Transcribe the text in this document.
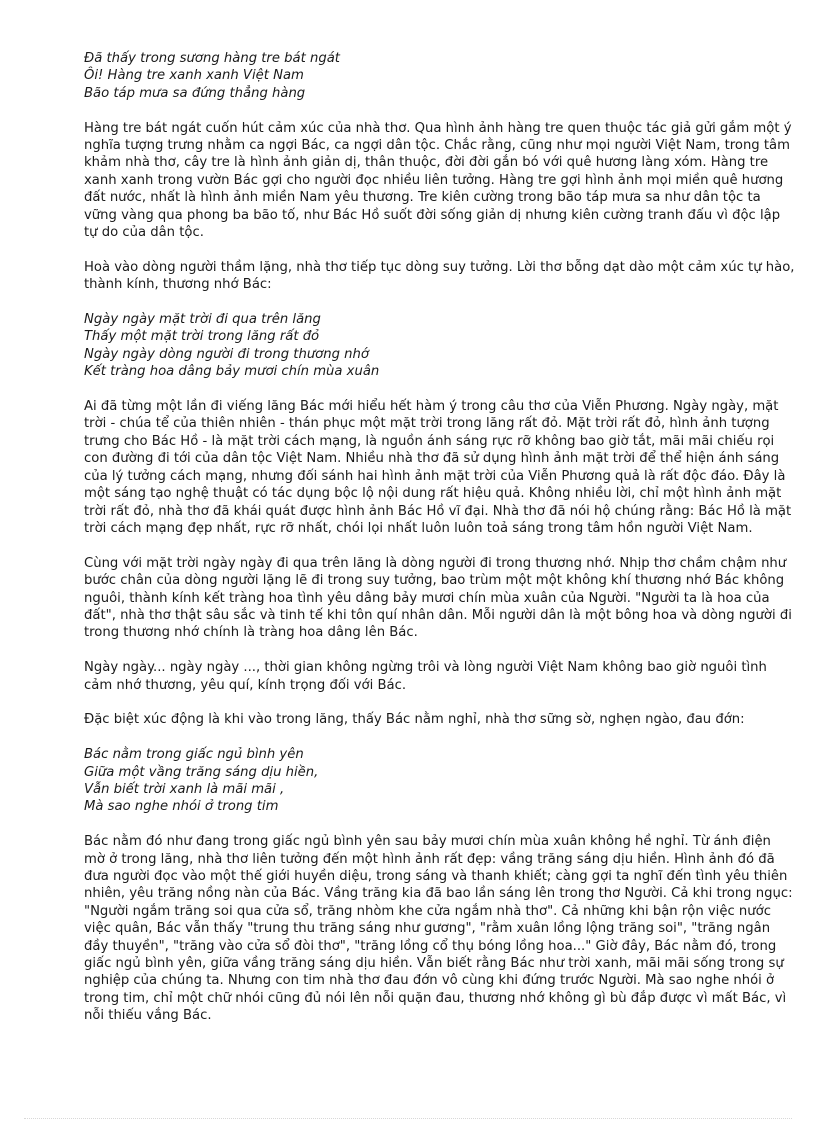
Đã thấy trong sương hàng tre bát ngát
Ôi! Hàng tre xanh xanh Việt Nam
Bão táp mưa sa đứng thẳng hàng

Hàng tre bát ngát cuốn hút cảm xúc của nhà thơ. Qua hình ảnh hàng tre quen thuộc tác giả gửi gắm một ý nghĩa tượng trưng nhằm ca ngợi Bác, ca ngợi dân tộc. Chắc rằng, cũng như mọi người Việt Nam, trong tâm khảm nhà thơ, cây tre là hình ảnh giản dị, thân thuộc, đời đời gắn bó với quê hương làng xóm. Hàng tre xanh xanh trong vườn Bác gợi cho người đọc nhiều liên tưởng. Hàng tre gợi hình ảnh mọi miền quê hương đất nước, nhất là hình ảnh miền Nam yêu thương. Tre kiên cường trong bão táp mưa sa như dân tộc ta vững vàng qua phong ba bão tố, như Bác Hồ suốt đời sống giản dị nhưng kiên cường tranh đấu vì độc lập tự do của dân tộc.

Hoà vào dòng người thầm lặng, nhà thơ tiếp tục dòng suy tưởng. Lời thơ bỗng dạt dào một cảm xúc tự hào, thành kính, thương nhớ Bác:

Ngày ngày mặt trời đi qua trên lăng
Thấy một mặt trời trong lăng rất đỏ
Ngày ngày dòng người đi trong thương nhớ
Kết tràng hoa dâng bảy mươi chín mùa xuân

Ai đã từng một lần đi viếng lăng Bác mới hiểu hết hàm ý trong câu thơ của Viễn Phương. Ngày ngày, mặt trời - chúa tể của thiên nhiên - thán phục một mặt trời trong lăng rất đỏ. Mặt trời rất đỏ, hình ảnh tượng trưng cho Bác Hồ - là mặt trời cách mạng, là nguồn ánh sáng rực rỡ không bao giờ tắt, mãi mãi chiếu rọi con đường đi tới của dân tộc Việt Nam. Nhiều nhà thơ đã sử dụng hình ảnh mặt trời để thể hiện ánh sáng của lý tưởng cách mạng, nhưng đối sánh hai hình ảnh mặt trời của Viễn Phương quả là rất độc đáo. Đây là một sáng tạo nghệ thuật có tác dụng bộc lộ nội dung rất hiệu quả. Không nhiều lời, chỉ một hình ảnh mặt trời rất đỏ, nhà thơ đã khái quát được hình ảnh Bác Hồ vĩ đại. Nhà thơ đã nói hộ chúng rằng: Bác Hồ là mặt trời cách mạng đẹp nhất, rực rỡ nhất, chói lọi nhất luôn luôn toả sáng trong tâm hồn người Việt Nam.

Cùng với mặt trời ngày ngày đi qua trên lăng là dòng người đi trong thương nhớ. Nhịp thơ chầm chậm như bước chân của dòng người lặng lẽ đi trong suy tưởng, bao trùm một một không khí thương nhớ Bác không nguôi, thành kính kết tràng hoa tình yêu dâng bảy mươi chín mùa xuân của Người. "Người ta là hoa của đất", nhà thơ thật sâu sắc và tinh tế khi tôn quí nhân dân. Mỗi người dân là một bông hoa và dòng người đi trong thương nhớ chính là tràng hoa dâng lên Bác.

Ngày ngày... ngày ngày ..., thời gian không ngừng trôi và lòng người Việt Nam không bao giờ nguôi tình cảm nhớ thương, yêu quí, kính trọng đối với Bác.

Đặc biệt xúc động là khi vào trong lăng, thấy Bác nằm nghỉ, nhà thơ sững sờ, nghẹn ngào, đau đớn:

Bác nằm trong giấc ngủ bình yên
Giữa một vầng trăng sáng dịu hiền,
Vẫn biết trời xanh là mãi mãi ,
Mà sao nghe nhói ở trong tim

Bác nằm đó như đang trong giấc ngủ bình yên sau bảy mươi chín mùa xuân không hề nghỉ. Từ ánh điện mờ ở trong lăng, nhà thơ liên tưởng đến một hình ảnh rất đẹp: vầng trăng sáng dịu hiền. Hình ảnh đó đã đưa người đọc vào một thế giới huyền diệu, trong sáng và thanh khiết; càng gợi ta nghĩ đến tình yêu thiên nhiên, yêu trăng nồng nàn của Bác. Vầng trăng kia đã bao lần sáng lên trong thơ Người. Cả khi trong ngục: "Người ngắm trăng soi qua cửa sổ, trăng nhòm khe cửa ngắm nhà thơ". Cả những khi bận rộn việc nước việc quân, Bác vẫn thấy "trung thu trăng sáng như gương", "rằm xuân lồng lộng trăng soi", "trăng ngân đầy thuyền", "trăng vào cửa sổ đòi thơ", "trăng lồng cổ thụ bóng lồng hoa..." Giờ đây, Bác nằm đó, trong giấc ngủ bình yên, giữa vầng trăng sáng dịu hiền. Vẫn biết rằng Bác như trời xanh, mãi mãi sống trong sự nghiệp của chúng ta. Nhưng con tim nhà thơ đau đớn vô cùng khi đứng trước Người. Mà sao nghe nhói ở trong tim, chỉ một chữ nhói cũng đủ nói lên nỗi quặn đau, thương nhớ không gì bù đắp được vì mất Bác, vì nỗi thiếu vắng Bác.
